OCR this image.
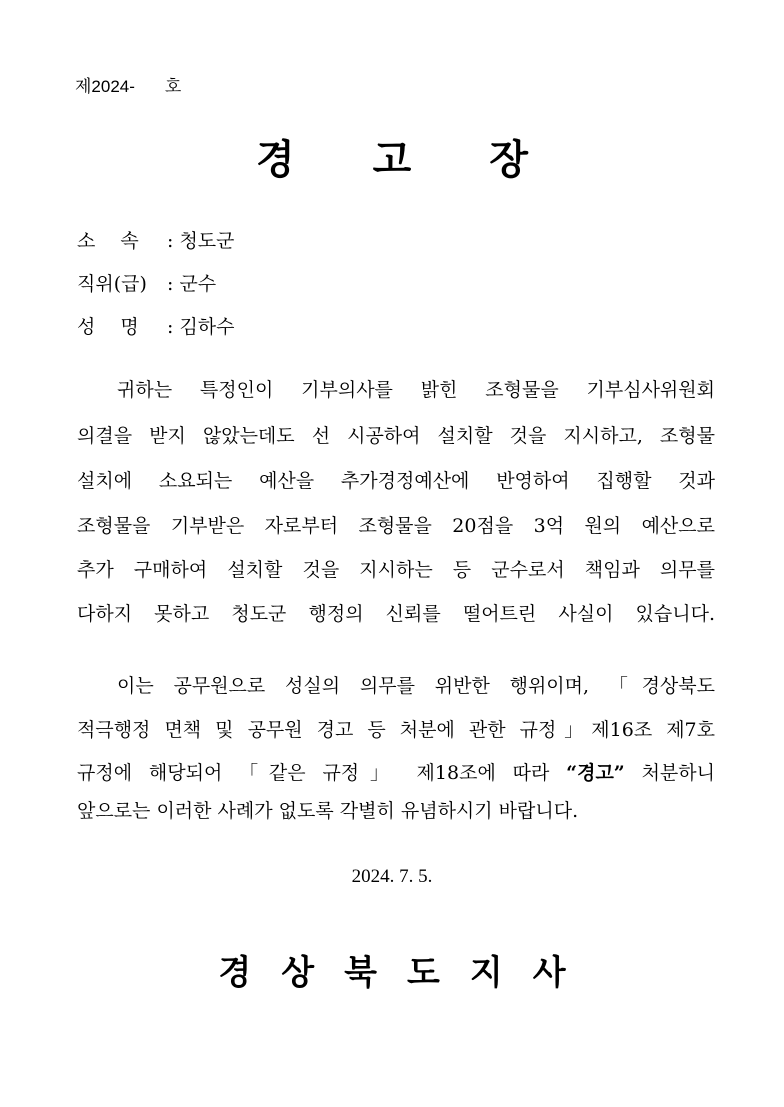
제2024- 호
경 고 장
소　 속 : 청도군
직위(급) : 군수
성　 명 : 김하수
귀하는 특정인이 기부의사를 밝힌 조형물을 기부심사위원회
의결을 받지 않았는데도 선 시공하여 설치할 것을 지시하고, 조형물
설치에 소요되는 예산을 추가경정예산에 반영하여 집행할 것과
조형물을 기부받은 자로부터 조형물을 20점을 3억 원의 예산으로
추가 구매하여 설치할 것을 지시하는 등 군수로서 책임과 의무를
다하지 못하고 청도군 행정의 신뢰를 떨어트린 사실이 있습니다.
이는 공무원으로 성실의 의무를 위반한 행위이며, 「경상북도
적극행정 면책 및 공무원 경고 등 처분에 관한 규정」제16조 제7호
규정에 해당되어 「같은 규정」 제18조에 따라 “경고” 처분하니
앞으로는 이러한 사례가 없도록 각별히 유념하시기 바랍니다.
2024. 7. 5.
경 상 북 도 지 사
